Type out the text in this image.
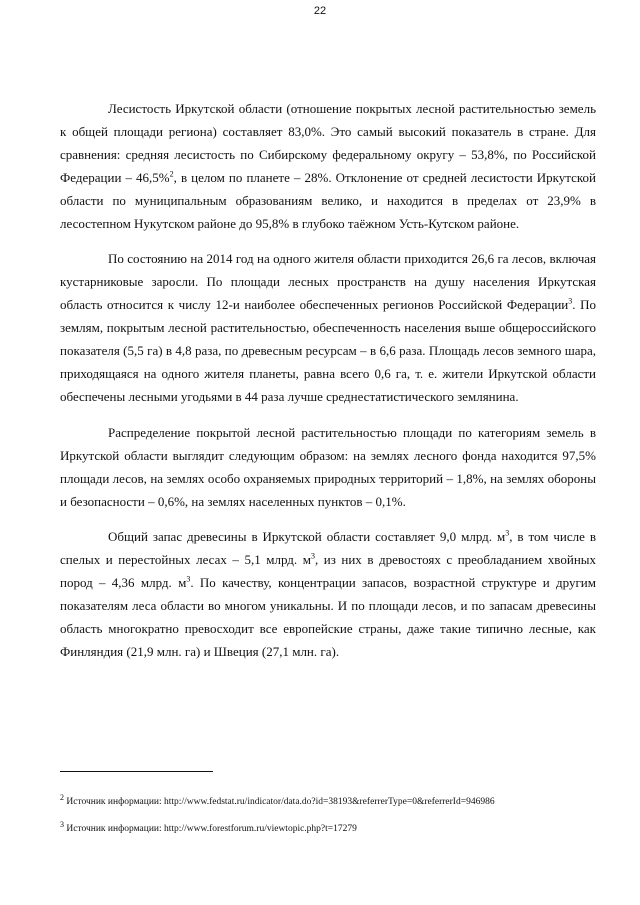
22

Лесистость Иркутской области (отношение покрытых лесной растительностью земель к общей площади региона) составляет 83,0%. Это самый высокий показатель в стране. Для сравнения: средняя лесистость по Сибирскому федеральному округу – 53,8%, по Российской Федерации – 46,5%$^2$, в целом по планете – 28%. Отклонение от средней лесистости Иркутской области по муниципальным образованиям велико, и находится в пределах от 23,9% в лесостепном Нукутском районе до 95,8% в глубоко таёжном Усть-Кутском районе.

По состоянию на 2014 год на одного жителя области приходится 26,6 га лесов, включая кустарниковые заросли. По площади лесных пространств на душу населения Иркутская область относится к числу 12-и наиболее обеспеченных регионов Российской Федерации$^3$. По землям, покрытым лесной растительностью, обеспеченность населения выше общероссийского показателя (5,5 га) в 4,8 раза, по древесным ресурсам – в 6,6 раза. Площадь лесов земного шара, приходящаяся на одного жителя планеты, равна всего 0,6 га, т. е. жители Иркутской области обеспечены лесными угодьями в 44 раза лучше среднестатистического землянина.

Распределение покрытой лесной растительностью площади по категориям земель в Иркутской области выглядит следующим образом: на землях лесного фонда находится 97,5% площади лесов, на землях особо охраняемых природных территорий – 1,8%, на землях обороны и безопасности – 0,6%, на землях населенных пунктов – 0,1%.

Общий запас древесины в Иркутской области составляет 9,0 млрд. $м^3$, в том числе в спелых и перестойных лесах – 5,1 млрд. $м^3$, из них в древостоях с преобладанием хвойных пород – 4,36 млрд. $м^3$. По качеству, концентрации запасов, возрастной структуре и другим показателям леса области во многом уникальны. И по площади лесов, и по запасам древесины область многократно превосходит все европейские страны, даже такие типично лесные, как Финляндия (21,9 млн. га) и Швеция (27,1 млн. га).

$^2$ Источник информации: http://www.fedstat.ru/indicator/data.do?id=38193&referrerType=0&referrerId=946986
$^3$ Источник информации: http://www.forestforum.ru/viewtopic.php?t=17279
